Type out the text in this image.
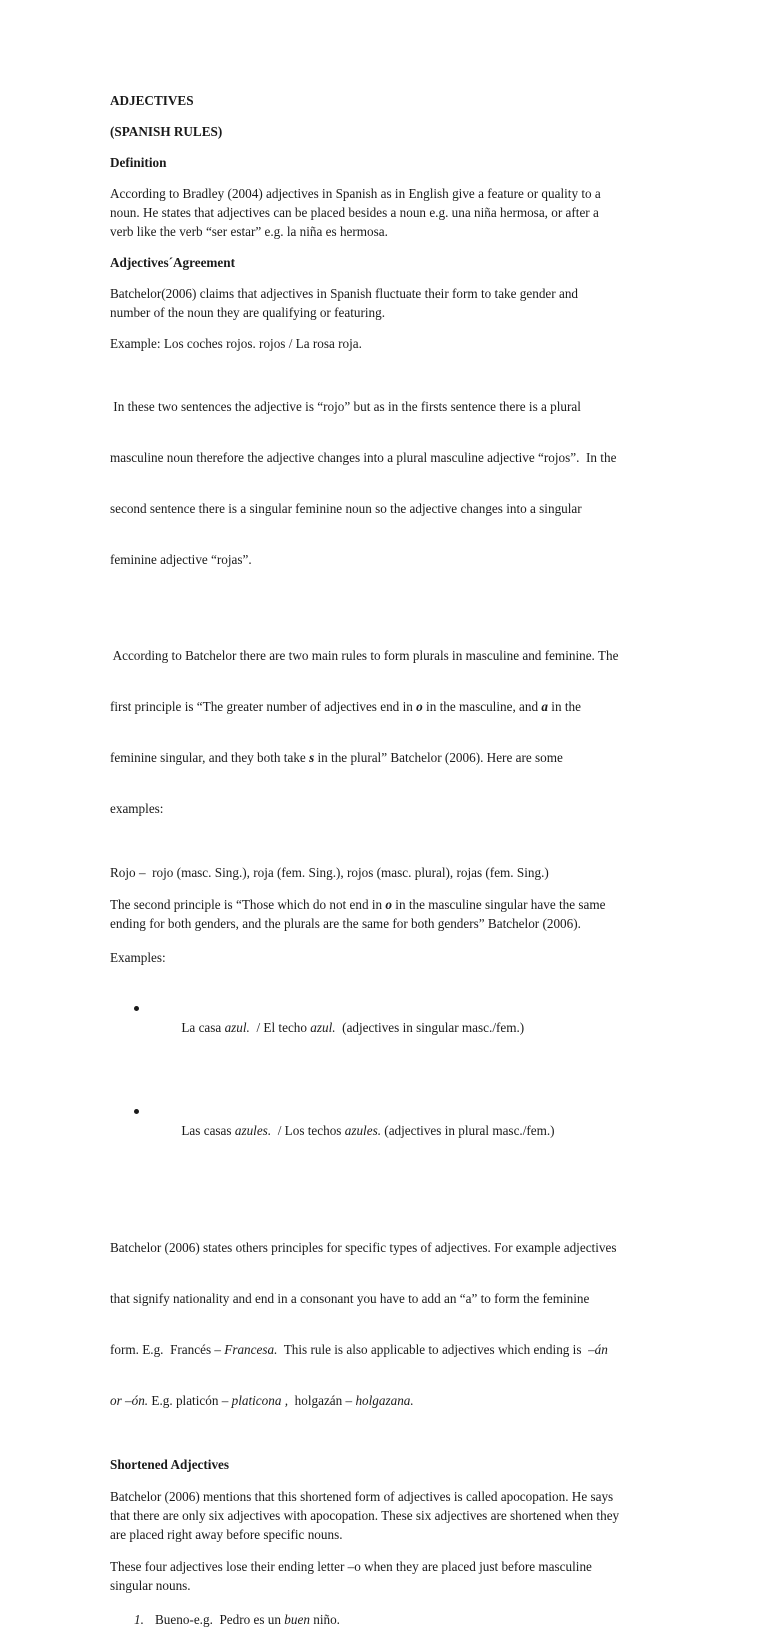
ADJECTIVES

(SPANISH RULES)

Definition

According to Bradley (2004) adjectives in Spanish as in English give a feature or quality to a

noun. He states that adjectives can be placed besides a noun e.g. una niña hermosa, or after a

verb like the verb “ser estar” e.g. la niña es hermosa.

Adjectives´Agreement

Batchelor(2006) claims that adjectives in Spanish fluctuate their form to take gender and

number of the noun they are qualifying or featuring.

Example: Los coches rojos. rojos / La rosa roja.

In these two sentences the adjective is “rojo” but as in the firsts sentence there is a plural

masculine noun therefore the adjective changes into a plural masculine adjective “rojos”.  In the

second sentence there is a singular feminine noun so the adjective changes into a singular

feminine adjective “rojas”.

According to Batchelor there are two main rules to form plurals in masculine and feminine. The

first principle is “The greater number of adjectives end in o in the masculine, and a in the

feminine singular, and they both take s in the plural” Batchelor (2006). Here are some

examples:

Rojo –  rojo (masc. Sing.), roja (fem. Sing.), rojos (masc. plural), rojas (fem. Sing.)

The second principle is “Those which do not end in o in the masculine singular have the same

ending for both genders, and the plurals are the same for both genders” Batchelor (2006).

Examples:

La casa azul.  / El techo azul.  (adjectives in singular masc./fem.)

Las casas azules.  / Los techos azules. (adjectives in plural masc./fem.)

Batchelor (2006) states others principles for specific types of adjectives. For example adjectives

that signify nationality and end in a consonant you have to add an “a” to form the feminine

form. E.g.  Francés – Francesa.  This rule is also applicable to adjectives which ending is  –án

or –ón. E.g. platicón – platicona ,  holgazán – holgazana.

Shortened Adjectives

Batchelor (2006) mentions that this shortened form of adjectives is called apocopation. He says

that there are only six adjectives with apocopation. These six adjectives are shortened when they

are placed right away before specific nouns.

These four adjectives lose their ending letter –o when they are placed just before masculine

singular nouns.

1. Bueno-e.g.  Pedro es un buen niño.
